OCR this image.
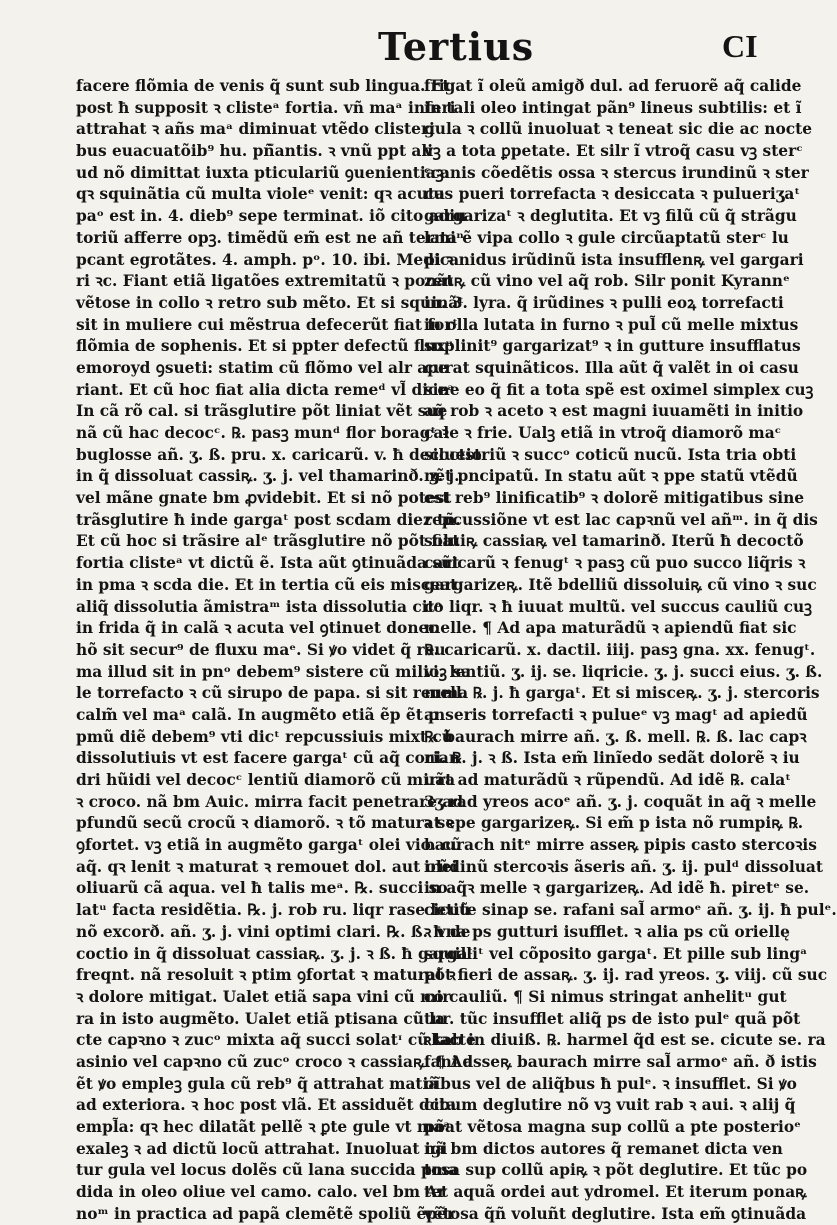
Tertius	CI
facere flõmia de venis q̃ sunt sub lingua. Et
post ħ supposit ꝛ clisteᵃ fortia. vñ maᵃ inferi
attrahat ꝛ añs maᵃ diminuat vtẽdo clisteri
bus euacuatõib⁹ hu. pñ̃antis. ꝛ vnũ ppt ali
ud nõ dimittat iuxta pticulariũ ꝯuenientiaꝫ:
qꝛ squinãtia cũ multa violeᵉ venit: qꝛ acuta
paᵒ est in. 4. dieb⁹ sepe terminat. iõ cito adiu
toriũ afferre opꝫ. timẽdũ em̃ est ne añ termiⁿ
pcant egrotãtes. 4. amph. pᵒ. 10. ibi. Medica
ri ꝛc. Fiant etiã ligatões extremitatũ ꝛ ponãt
vẽtose in collo ꝛ retro sub mẽto. Et si squinãᵗ
sit in muliere cui mẽstrua defecerũt fiat forᵗ
flõmia de sophenis. Et si ppter defectũ fluxᵘ
emoroyd ꝯsueti: statim cũ flõmo vel alr ape
riant. Et cũ hoc fiat alia dicta remeᵈ vl̃ diceᵃ
In cã rõ cal. si trãsglutire põt liniat vẽt sue
nã cũ hac decocᶜ. ℞. pasꝫ munᵈ flor boragᵗ ꝛ
buglosse añ. ʒ. ß. pru. x. caricarũ. v. ħ decoctio
in q̃ dissoluat cassiꝶ. ʒ. j. vel thamarinð. ʒ. j.
vel mãne gnate bm ꝓvidebit. Et si nõ potest
trãsglutire ħ inde gargaᵗ post scdam diez tñ.
Et cũ hoc si trãsire alᵉ trãsglutire nõ põt fiat
fortia clisteᵃ vt dictũ ẽ. Ista aũt ꝯtinuãda sũt
in pma ꝛ scda die. Et in tertia cũ eis misceat
aliq̃ dissolutia ãmistraᵐ ista dissolutia citᵒ
in frida q̃ in calã ꝛ acuta vel ꝯtinuet donec
hõ sit secur⁹ de fluxu maᵉ. Si ꝟo videt q̃ reu
ma illud sit in pnᵒ debem⁹ sistere cũ milioꝫ sa
le torrefacto ꝛ cũ sirupo de papa. si sit reuma
calm̃ vel maᵃ calã. In augmẽto etiã ẽp ẽt p
pmũ diẽ debem⁹ vti dicᵗ repcussiuis mixt cũ
dissolutiuis vt est facere gargaᵗ cũ aq̃ corian
dri hũidi vel decocᶜ lentiũ diamorõ cũ mirra
ꝛ croco. nã bm Auic. mirra facit penetrare ad
pfundũ secũ crocũ ꝛ diamorõ. ꝛ tõ maturat ꝛ
ꝯfortet. vꝫ etiã in augmẽto gargaᵗ olei vio. cũ
aq̃. qꝛ lenit ꝛ maturat ꝛ remouet dol. aut olei
oliuarũ cã aqua. vel ħ talis meᵃ. ℞. succi so
latᵘ facta residẽtia. ℞. j. rob ru. liqr rase letiũ
nõ excorð. añ. ʒ. j. vini optimi clari. ℞. ß. ħ de
coctio in q̃ dissoluat cassiaꝶ. ʒ. j. ꝛ ß. ħ gargaᵗ
freqnt. nã resoluit ꝛ ptim ꝯfortat ꝛ maturat ꝛ
ꝛ dolore mitigat. Ualet etiã sapa vini cũ mir
ra in isto augmẽto. Ualet etiã ptisana cũ la
cte capꝛno ꝛ zucᵒ mixta aq̃ succi solatᶦ cũ lacte
asinio vel capꝛno cũ zucᵒ croco ꝛ cassiaꝶ. ¶ Ad
ẽt ꝟo empleꝫ gula cũ reb⁹ q̃ attrahat matiã
ad exteriora. ꝛ hoc post vlã. Et assiduẽt dcta
empl̃a: qꝛ hec dilatãt pellẽ ꝛ ꝑte gule vt maᵃ
exaleꝫ ꝛ ad dictũ locũ attrahat. Inuoluat igi
tur gula vel locus dolẽs cũ lana succida pma
dida in oleo oliue vel camo. calo. vel bm Ar
noᵐ in practica ad papã clemẽtẽ spoliũ ẽpẽr
frigat ĩ oleũ amigð dul. ad feruorẽ aq̃ calide
in tali oleo intingat pãn⁹ lineus subtilis: et ĩ
gula ꝛ collũ inuoluat ꝛ teneat sic die ac nocte
vꝫ a tota ꝑpetate. Et silr ĩ vtroq̃ casu vꝫ sterᶜ
ᶜcanis cõedẽtis ossa ꝛ stercus irundinũ ꝛ ster
cus pueri torrefacta ꝛ desiccata ꝛ pulueriʒaᵗ
gargarizaᵗ ꝛ deglutita. Et vꝫ filũ cũ q̃ strãgu
lata ẽ vipa collo ꝛ gule circũaptatũ sterᶜ lu
pi ꝛ nidus irũdinũ ista insufflenꝶ vel gargari
zenꝶ cũ vino vel aq̃ rob. Silr ponit Kyrannᵉ
in. 3. lyra. q̃ irũdines ꝛ pulli eoꝝ torrefacti
in olla lutata in furno ꝛ pul̃ cũ melle mixtus
suplinit⁹ gargarizat⁹ ꝛ in gutture insufflatus
curat squinãticos. Illa aũt q̃ valẽt in oi casu
sine eo q̃ fit a tota spẽ est oximel simplex cuꝫ
aq̃ rob ꝛ aceto ꝛ est magni iuuamẽti in initio
cale ꝛ frie. Ualꝫ etiã in vtroq̃ diamorõ maᶜ
siluestriũ ꝛ succᵒ coticũ nucũ. Ista tria obti
nẽt pncipatũ. In statu aũt ꝛ ppe statũ vtẽdũ
est reb⁹ linificatib⁹ ꝛ dolorẽ mitigatibus sine
repcussiõne vt est lac capꝛnũ vel añᵐ. in q̃ dis
soluiꝶ cassiaꝶ vel tamarinð. Iterũ ħ decoctõ
caricarũ ꝛ fenugᵗ ꝛ pasꝫ cũ puo succo liq̃ris ꝛ
gargarizeꝶ. Itẽ bdelliũ dissoluiꝶ cũ vino ꝛ suc
co liqr. ꝛ ħ iuuat multũ. vel succus cauliũ cuꝫ
melle. ¶ Ad apa maturãdũ ꝛ apiendũ fiat sic
℞. caricarũ. x. dactil. iiij. pasꝫ gna. xx. fenugᵗ.
vi. lentiũ. ʒ. ij. se. liqricie. ʒ. j. succi eius. ʒ. ß.
mell. ℞. j. ħ gargaᵗ. Et si misceꝶ. ʒ. j. stercoris
anseris torrefacti ꝛ pulueᵉ vꝫ magᵗ ad apiedũ
℞. baurach mirre añ. ʒ. ß. mell. ℞. ß. lac capꝛ
ni. ℞. j. ꝛ ß. Ista em̃ linĩedo sedãt dolorẽ ꝛ iu
uãt ad maturãdũ ꝛ rũpendũ. Ad idẽ ℞. calaᵗ
3ʒ rad yreos acoᵉ añ. ʒ. j. coquãt in aq̃ ꝛ melle
ꝛ sepe gargarizeꝶ. Si em̃ p ista nõ rumpiꝶ ℞.
baurach nitᵉ mirre asseꝶ pipis casto stercoꝛis
irũdinũ stercoꝛis ãseris añ. ʒ. ij. pulᵈ dissoluat
in aq̃ꝛ melle ꝛ gargarizeꝶ. Ad idẽ ħ. piretᵉ se.
cicute sinap se. rafani sal̃ armoᵉ añ. ʒ. ij. ħ pulᵉ.
ꝛ vna ps gutturi isufflet. ꝛ alia ps cũ oriellę
squilliᵗ vel cõposito gargaᵗ. Et pille sub lingᵃ
põt fieri de assaꝶ. ʒ. ij. rad yreos. ʒ. viij. cũ suc
co cauliũ. ¶ Si nimus stringat anhelitᵘ gut
tur. tũc insufflet aliq̃ ps de isto pulᵉ quã põt
ꝛkab in diuiß. ℞. harmel q̃d est se. cicute se. ra
fani asseꝶ baurach mirre sal̃ armoᵉ añ. ð istis
oĩbus vel de aliq̃bus ħ pulᵉ. ꝛ insufflet. Si ꝟo
cibum deglutire nõ vꝫ vuit rab ꝛ aui. ꝛ alij q̃
põat vẽtosa magna sup collũ a pte posterioᵉ
nã bm dictos autores q̃ remanet dicta ven
tosa sup collũ apiꝶ ꝛ põt deglutire. Et tũc po
tet aquã ordei aut ydromel. Et iterum ponaꝶ
vẽtosa q̃ñ voluñt deglutire. Ista em̃ ꝯtinuãda
